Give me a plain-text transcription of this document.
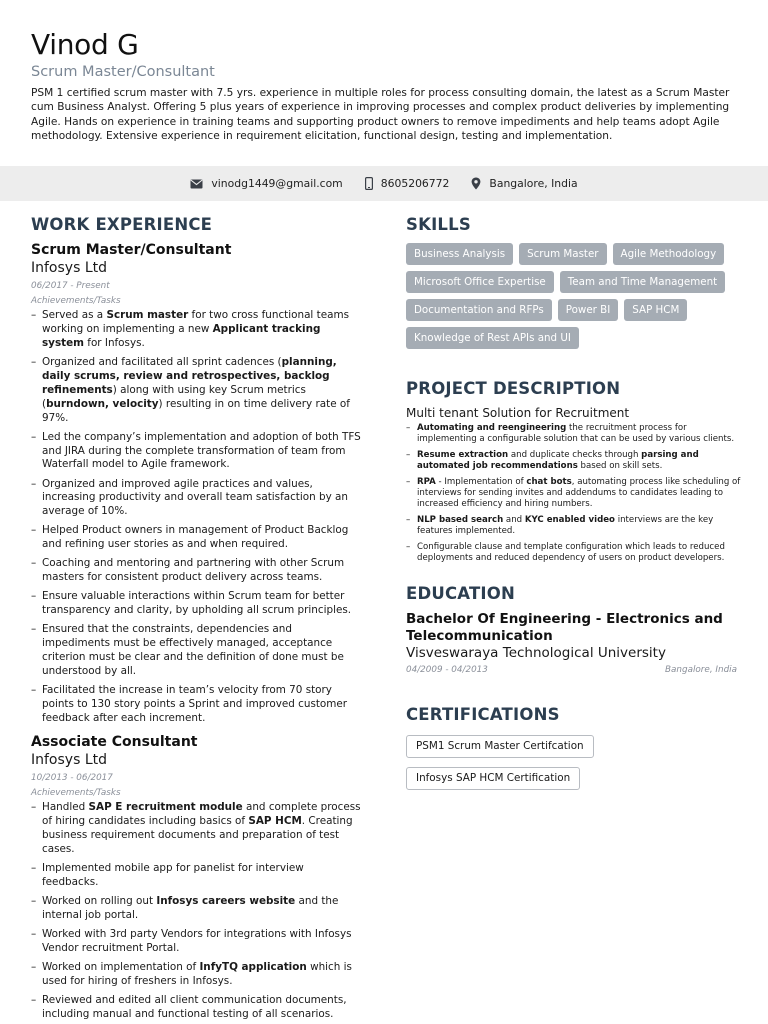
Vinod G
Scrum Master/Consultant
PSM 1 certified scrum master with 7.5 yrs. experience in multiple roles for process consulting domain, the latest as a Scrum Master cum Business Analyst. Offering 5 plus years of experience in improving processes and complex product deliveries by implementing Agile. Hands on experience in training teams and supporting product owners to remove impediments and help teams adopt Agile methodology. Extensive experience in requirement elicitation, functional design, testing and implementation.
vinodg1449@gmail.com	8605206772	Bangalore, India
WORK EXPERIENCE
Scrum Master/Consultant
Infosys Ltd
06/2017 - Present
Achievements/Tasks
– Served as a Scrum master for two cross functional teams working on implementing a new Applicant tracking system for Infosys.
– Organized and facilitated all sprint cadences (planning, daily scrums, review and retrospectives, backlog refinements) along with using key Scrum metrics (burndown, velocity) resulting in on time delivery rate of 97%.
– Led the company’s implementation and adoption of both TFS and JIRA during the complete transformation of team from Waterfall model to Agile framework.
– Organized and improved agile practices and values, increasing productivity and overall team satisfaction by an average of 10%.
– Helped Product owners in management of Product Backlog and refining user stories as and when required.
– Coaching and mentoring and partnering with other Scrum masters for consistent product delivery across teams.
– Ensure valuable interactions within Scrum team for better transparency and clarity, by upholding all scrum principles.
– Ensured that the constraints, dependencies and impediments must be effectively managed, acceptance criterion must be clear and the definition of done must be understood by all.
– Facilitated the increase in team’s velocity from 70 story points to 130 story points a Sprint and improved customer feedback after each increment.
Associate Consultant
Infosys Ltd
10/2013 - 06/2017
Achievements/Tasks
– Handled SAP E recruitment module and complete process of hiring candidates including basics of SAP HCM. Creating business requirement documents and preparation of test cases.
– Implemented mobile app for panelist for interview feedbacks.
– Worked on rolling out Infosys careers website and the internal job portal.
– Worked with 3rd party Vendors for integrations with Infosys Vendor recruitment Portal.
– Worked on implementation of InfyTQ application which is used for hiring of freshers in Infosys.
– Reviewed and edited all client communication documents, including manual and functional testing of all scenarios.
SKILLS
Business Analysis	Scrum Master	Agile Methodology
Microsoft Office Expertise	Team and Time Management
Documentation and RFPs	Power BI	SAP HCM
Knowledge of Rest APIs and UI
PROJECT DESCRIPTION
Multi tenant Solution for Recruitment
– Automating and reengineering the recruitment process for implementing a configurable solution that can be used by various clients.
– Resume extraction and duplicate checks through parsing and automated job recommendations based on skill sets.
– RPA - Implementation of chat bots, automating process like scheduling of interviews for sending invites and addendums to candidates leading to increased efficiency and hiring numbers.
– NLP based search and KYC enabled video interviews are the key features implemented.
– Configurable clause and template configuration which leads to reduced deployments and reduced dependency of users on product developers.
EDUCATION
Bachelor Of Engineering - Electronics and Telecommunication
Visveswaraya Technological University
04/2009 - 04/2013	Bangalore, India
CERTIFICATIONS
PSM1 Scrum Master Certifcation
Infosys SAP HCM Certification
